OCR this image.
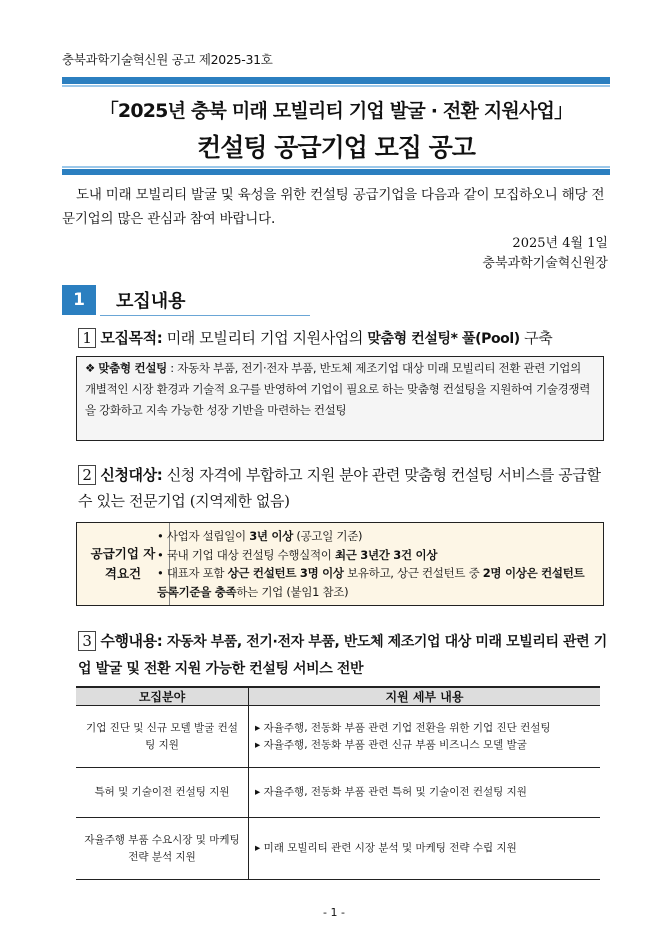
충북과학기술혁신원 공고 제2025-31호
「2025년 충북 미래 모빌리티 기업 발굴 · 전환 지원사업」
컨설팅 공급기업 모집 공고
도내 미래 모빌리티 발굴 및 육성을 위한 컨설팅 공급기업을 다음과 같이 모집하오니 해당 전문기업의 많은 관심과 참여 바랍니다.
2025년 4월 1일
충북과학기술혁신원장
1	모집내용
1 모집목적: 미래 모빌리티 기업 지원사업의 맞춤형 컨설팅* 풀(Pool) 구축

❖ 맞춤형 컨설팅 : 자동차 부품, 전기·전자 부품, 반도체 제조기업 대상 미래 모빌리티 전환 관련 기업의 개별적인 시장 환경과 기술적 요구를 반영하여 기업이 필요로 하는 맞춤형 컨설팅을 지원하여 기술경쟁력을 강화하고 지속 가능한 성장 기반을 마련하는 컨설팅

2 신청대상: 신청 자격에 부합하고 지원 분야 관련 맞춤형 컨설팅 서비스를 공급할 수 있는 전문기업 (지역제한 없음)
공급기업 자격요건
• 사업자 설립일이 3년 이상 (공고일 기준)
• 국내 기업 대상 컨설팅 수행실적이 최근 3년간 3건 이상
• 대표자 포함 상근 컨설턴트 3명 이상 보유하고, 상근 컨설턴트 중 2명 이상은 컨설턴트 등록기준을 충족하는 기업 (붙임1 참조)
3 수행내용: 자동차 부품, 전기·전자 부품, 반도체 제조기업 대상 미래 모빌리티 관련 기업 발굴 및 전환 지원 가능한 컨설팅 서비스 전반
모집분야	지원 세부 내용
기업 진단 및 신규 모델 발굴 컨설팅 지원	▸ 자율주행, 전동화 부품 관련 기업 전환을 위한 기업 진단 컨설팅
▸ 자율주행, 전동화 부품 관련 신규 부품 비즈니스 모델 발굴

특허 및 기술이전 컨설팅 지원	▸ 자율주행, 전동화 부품 관련 특허 및 기술이전 컨설팅 지원

자율주행 부품 수요시장 및 마케팅 전략 분석 지원	▸ 미래 모빌리티 관련 시장 분석 및 마케팅 전략 수립 지원
- 1 -
